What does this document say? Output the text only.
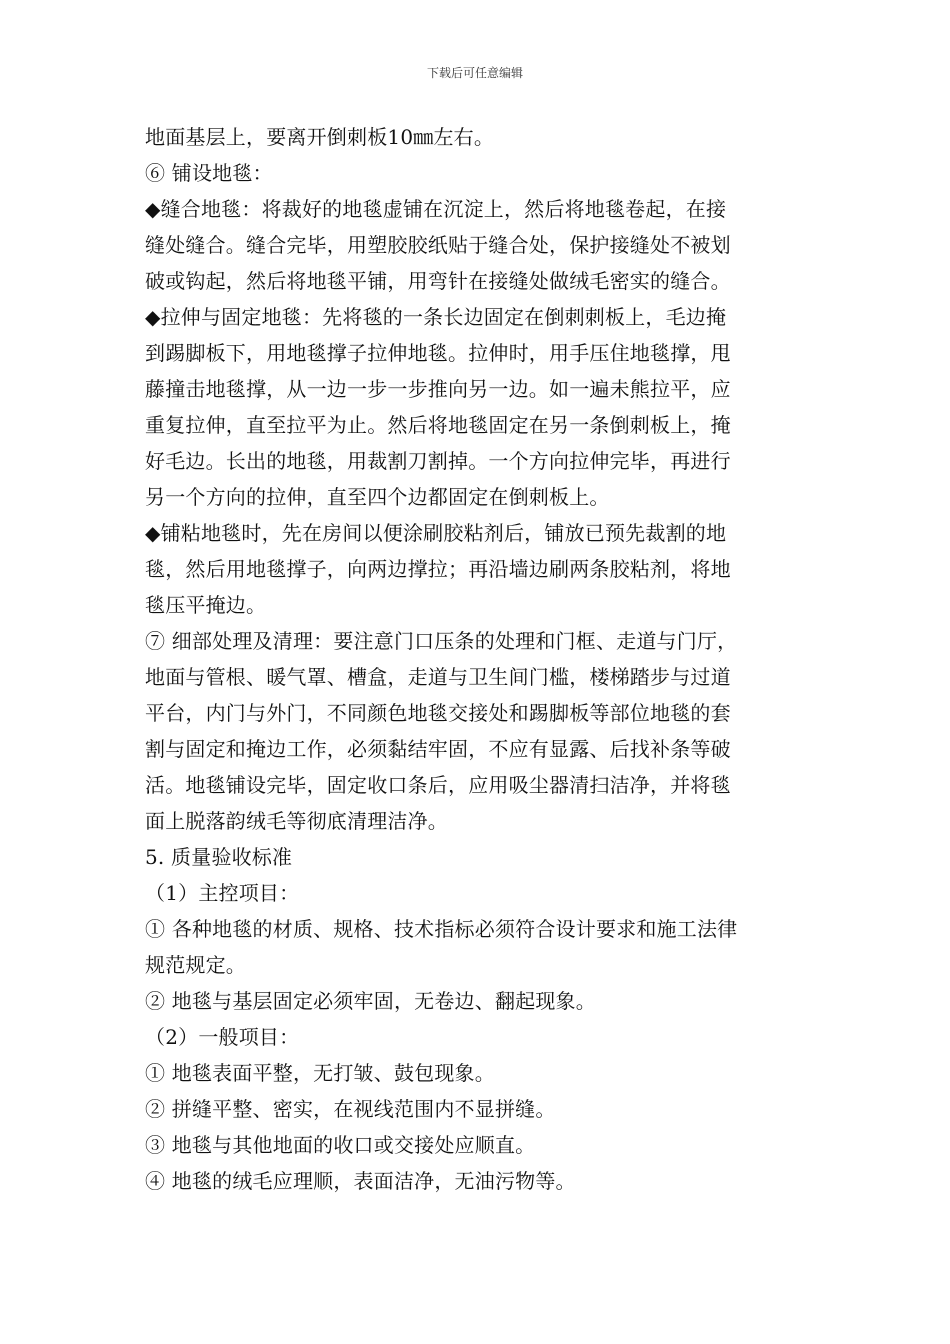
下载后可任意编辑
地面基层上，要离开倒刺板10㎜左右。
⑥ 铺设地毯：
◆缝合地毯：将裁好的地毯虚铺在沉淀上，然后将地毯卷起，在接
缝处缝合。缝合完毕，用塑胶胶纸贴于缝合处，保护接缝处不被划
破或钩起，然后将地毯平铺，用弯针在接缝处做绒毛密实的缝合。
◆拉伸与固定地毯：先将毯的一条长边固定在倒刺刺板上，毛边掩
到踢脚板下，用地毯撑子拉伸地毯。拉伸时，用手压住地毯撑，甩
藤撞击地毯撑，从一边一步一步推向另一边。如一遍未熊拉平，应
重复拉伸，直至拉平为止。然后将地毯固定在另一条倒刺板上，掩
好毛边。长出的地毯，用裁割刀割掉。一个方向拉伸完毕，再进行
另一个方向的拉伸，直至四个边都固定在倒刺板上。
◆铺粘地毯时，先在房间以便涂刷胶粘剂后，铺放已预先裁割的地
毯，然后用地毯撑子，向两边撑拉；再沿墙边刷两条胶粘剂，将地
毯压平掩边。
⑦ 细部处理及清理：要注意门口压条的处理和门框、走道与门厅，
地面与管根、暖气罩、槽盒，走道与卫生间门槛，楼梯踏步与过道
平台，内门与外门，不同颜色地毯交接处和踢脚板等部位地毯的套
割与固定和掩边工作，必须黏结牢固，不应有显露、后找补条等破
活。地毯铺设完毕，固定收口条后，应用吸尘器清扫洁净，并将毯
面上脱落韵绒毛等彻底清理洁净。
5. 质量验收标准
（1）主控项目：
① 各种地毯的材质、规格、技术指标必须符合设计要求和施工法律
规范规定。
② 地毯与基层固定必须牢固，无卷边、翻起现象。
（2）一般项目：
① 地毯表面平整，无打皱、鼓包现象。
② 拼缝平整、密实，在视线范围内不显拼缝。
③ 地毯与其他地面的收口或交接处应顺直。
④ 地毯的绒毛应理顺，表面洁净，无油污物等。
